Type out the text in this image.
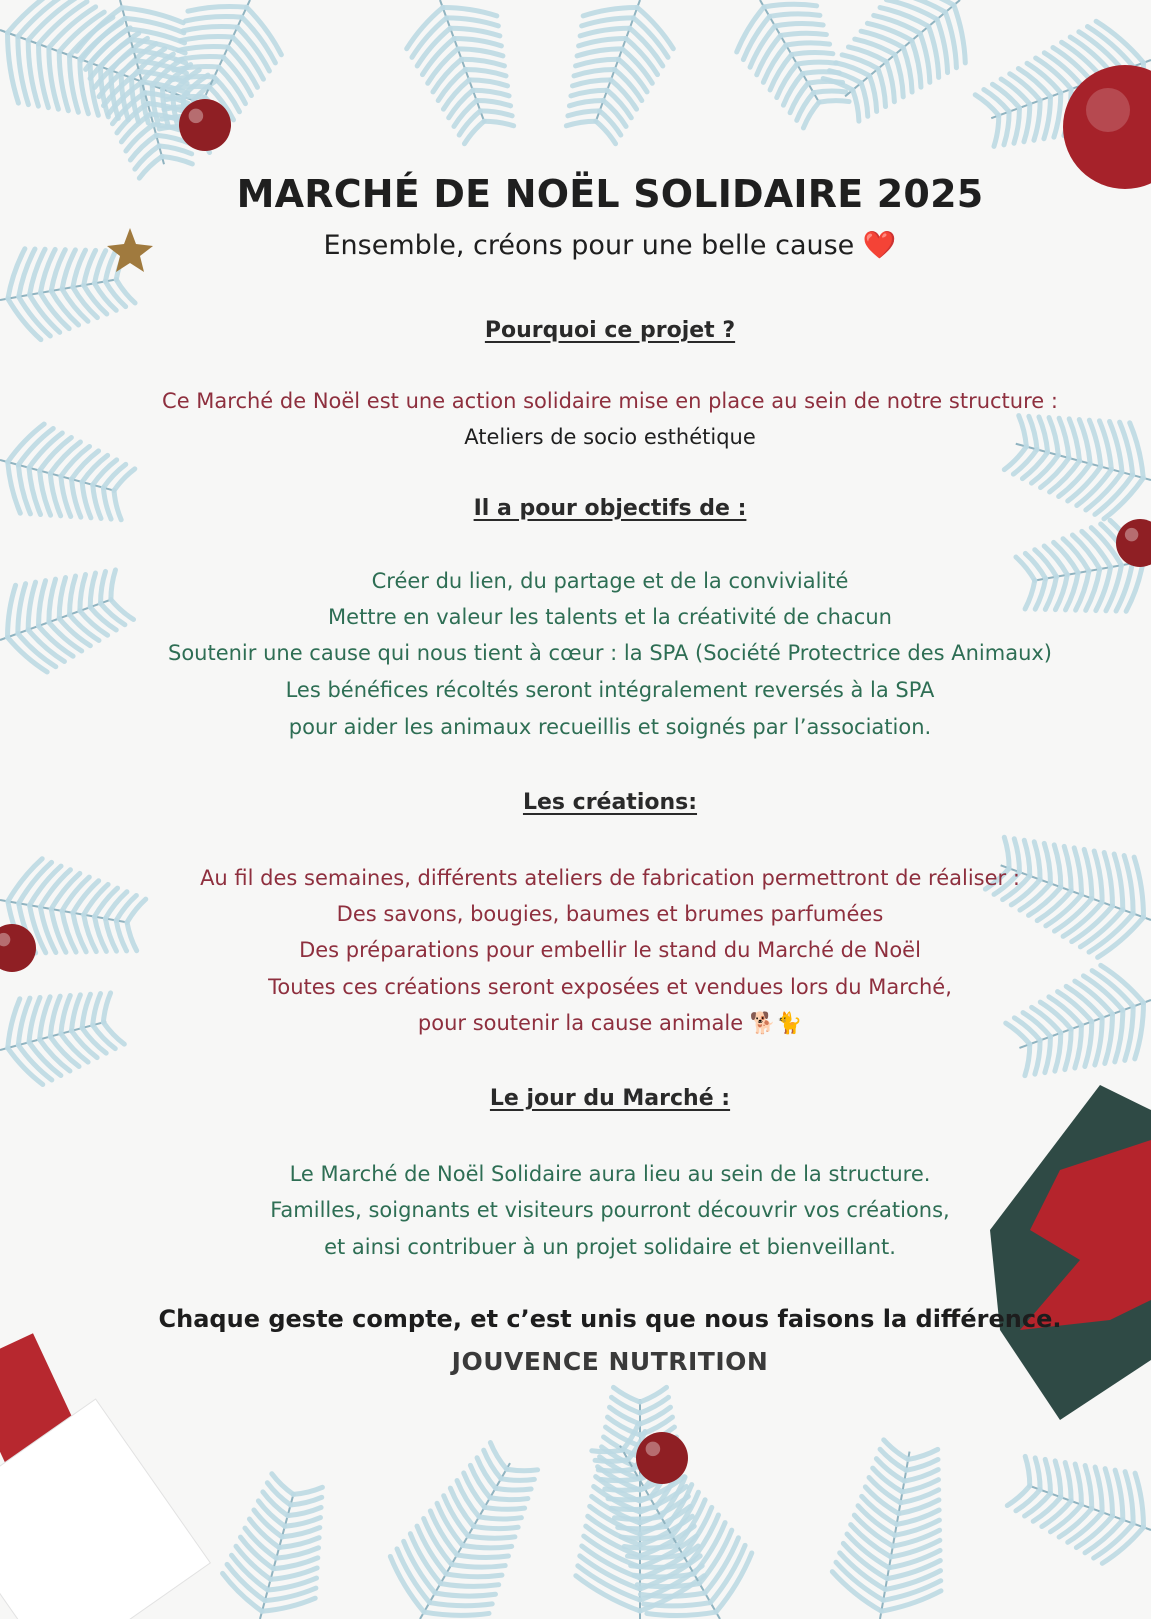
MARCHÉ DE NOËL SOLIDAIRE 2025
Ensemble, créons pour une belle cause ❤️
Pourquoi ce projet ?
Ce Marché de Noël est une action solidaire mise en place au sein de notre structure :
Ateliers de socio esthétique
Il a pour objectifs de :
Créer du lien, du partage et de la convivialité
Mettre en valeur les talents et la créativité de chacun
Soutenir une cause qui nous tient à cœur : la SPA (Société Protectrice des Animaux)
Les bénéfices récoltés seront intégralement reversés à la SPA
pour aider les animaux recueillis et soignés par l’association.
Les créations:
Au fil des semaines, différents ateliers de fabrication permettront de réaliser :
Des savons, bougies, baumes et brumes parfumées
Des préparations pour embellir le stand du Marché de Noël
Toutes ces créations seront exposées et vendues lors du Marché,
pour soutenir la cause animale 🐕🐈
Le jour du Marché :
Le Marché de Noël Solidaire aura lieu au sein de la structure.
Familles, soignants et visiteurs pourront découvrir vos créations,
et ainsi contribuer à un projet solidaire et bienveillant.
Chaque geste compte, et c’est unis que nous faisons la différence.
JOUVENCE NUTRITION
